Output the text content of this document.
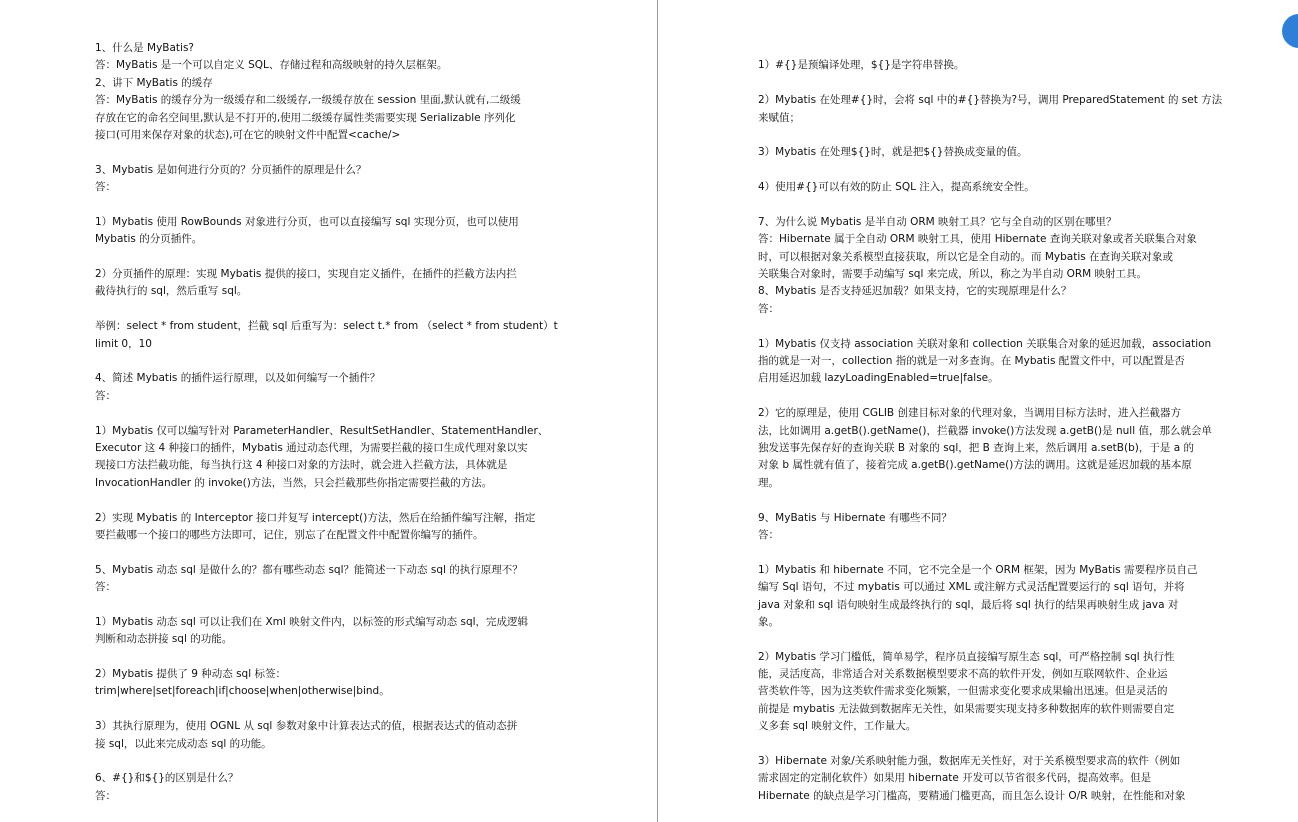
1、什么是 MyBatis?
答：MyBatis 是一个可以自定义 SQL、存储过程和高级映射的持久层框架。
2、讲下 MyBatis 的缓存
答：MyBatis 的缓存分为一级缓存和二级缓存,一级缓存放在 session 里面,默认就有,二级缓
存放在它的命名空间里,默认是不打开的,使用二级缓存属性类需要实现 Serializable 序列化
接口(可用来保存对象的状态),可在它的映射文件中配置<cache/>
3、Mybatis 是如何进行分页的？分页插件的原理是什么？
答：
1）Mybatis 使用 RowBounds 对象进行分页，也可以直接编写 sql 实现分页，也可以使用
Mybatis 的分页插件。
2）分页插件的原理：实现 Mybatis 提供的接口，实现自定义插件，在插件的拦截方法内拦
截待执行的 sql，然后重写 sql。
举例：select * from student，拦截 sql 后重写为：select t.* from （select * from student）t
limit 0，10
4、简述 Mybatis 的插件运行原理，以及如何编写一个插件？
答：
1）Mybatis 仅可以编写针对 ParameterHandler、ResultSetHandler、StatementHandler、
Executor 这 4 种接口的插件，Mybatis 通过动态代理，为需要拦截的接口生成代理对象以实
现接口方法拦截功能，每当执行这 4 种接口对象的方法时，就会进入拦截方法，具体就是
InvocationHandler 的 invoke()方法，当然，只会拦截那些你指定需要拦截的方法。
2）实现 Mybatis 的 Interceptor 接口并复写 intercept()方法，然后在给插件编写注解，指定
要拦截哪一个接口的哪些方法即可，记住，别忘了在配置文件中配置你编写的插件。
5、Mybatis 动态 sql 是做什么的？都有哪些动态 sql？能简述一下动态 sql 的执行原理不？
答：
1）Mybatis 动态 sql 可以让我们在 Xml 映射文件内，以标签的形式编写动态 sql，完成逻辑
判断和动态拼接 sql 的功能。
2）Mybatis 提供了 9 种动态 sql 标签：
trim|where|set|foreach|if|choose|when|otherwise|bind。
3）其执行原理为，使用 OGNL 从 sql 参数对象中计算表达式的值，根据表达式的值动态拼
接 sql，以此来完成动态 sql 的功能。
6、#{}和${}的区别是什么？
答：
1）#{}是预编译处理，${}是字符串替换。
2）Mybatis 在处理#{}时，会将 sql 中的#{}替换为?号，调用 PreparedStatement 的 set 方法
来赋值；
3）Mybatis 在处理${}时，就是把${}替换成变量的值。
4）使用#{}可以有效的防止 SQL 注入，提高系统安全性。
7、为什么说 Mybatis 是半自动 ORM 映射工具？它与全自动的区别在哪里？
答：Hibernate 属于全自动 ORM 映射工具，使用 Hibernate 查询关联对象或者关联集合对象
时，可以根据对象关系模型直接获取，所以它是全自动的。而 Mybatis 在查询关联对象或
关联集合对象时，需要手动编写 sql 来完成，所以，称之为半自动 ORM 映射工具。
8、Mybatis 是否支持延迟加载？如果支持，它的实现原理是什么？
答：
1）Mybatis 仅支持 association 关联对象和 collection 关联集合对象的延迟加载，association
指的就是一对一，collection 指的就是一对多查询。在 Mybatis 配置文件中，可以配置是否
启用延迟加载 lazyLoadingEnabled=true|false。
2）它的原理是，使用 CGLIB 创建目标对象的代理对象，当调用目标方法时，进入拦截器方
法，比如调用 a.getB().getName()，拦截器 invoke()方法发现 a.getB()是 null 值，那么就会单
独发送事先保存好的查询关联 B 对象的 sql，把 B 查询上来，然后调用 a.setB(b)，于是 a 的
对象 b 属性就有值了，接着完成 a.getB().getName()方法的调用。这就是延迟加载的基本原
理。
9、MyBatis 与 Hibernate 有哪些不同？
答：
1）Mybatis 和 hibernate 不同，它不完全是一个 ORM 框架，因为 MyBatis 需要程序员自己
编写 Sql 语句，不过 mybatis 可以通过 XML 或注解方式灵活配置要运行的 sql 语句，并将
java 对象和 sql 语句映射生成最终执行的 sql，最后将 sql 执行的结果再映射生成 java 对
象。
2）Mybatis 学习门槛低，简单易学，程序员直接编写原生态 sql，可严格控制 sql 执行性
能，灵活度高，非常适合对关系数据模型要求不高的软件开发，例如互联网软件、企业运
营类软件等，因为这类软件需求变化频繁，一但需求变化要求成果输出迅速。但是灵活的
前提是 mybatis 无法做到数据库无关性，如果需要实现支持多种数据库的软件则需要自定
义多套 sql 映射文件，工作量大。
3）Hibernate 对象/关系映射能力强，数据库无关性好，对于关系模型要求高的软件（例如
需求固定的定制化软件）如果用 hibernate 开发可以节省很多代码，提高效率。但是
Hibernate 的缺点是学习门槛高，要精通门槛更高，而且怎么设计 O/R 映射，在性能和对象
